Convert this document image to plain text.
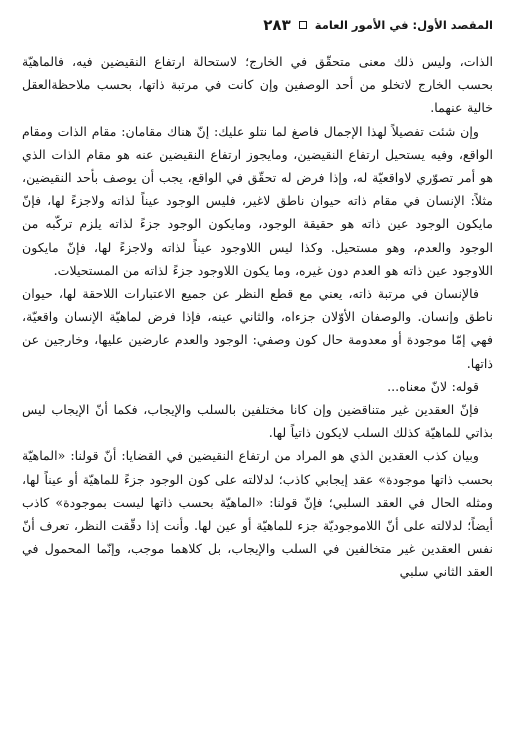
المقصد الأول: في الأمور العامة
٢٨٣

الذات، وليس ذلك معنى متحقّق في الخارج؛ لاستحالة ارتفاع النقيضين فيه، فالماهيّة بحسب الخارج لاتخلو من أحد الوصفين وإن كانت في مرتبة ذاتها، بحسب ملاحظةالعقل خالية عنهما.

وإن شئت تفصيلاً لهذا الإجمال فاصغ لما نتلو عليك: إنّ هناك مقامان: مقام الذات ومقام الواقع، وفيه يستحيل ارتفاع النقيضين، ومايجوز ارتفاع النقيضين عنه هو مقام الذات الذي هو أمر تصوّري لاواقعيّة له، وإذا فرض له تحقّق في الواقع، يجب أن يوصف بأحد النقيضين، مثلاً: الإنسان في مقام ذاته حيوان ناطق لاغير، فليس الوجود عيناً لذاته ولاجزءً لها، فإنّ مايكون الوجود عين ذاته هو حقيقة الوجود، ومايكون الوجود جزءً لذاته يلزم تركّبه من الوجود والعدم، وهو مستحيل. وكذا ليس اللاوجود عيناً لذاته ولاجزءً لها، فإنّ مايكون اللاوجود عين ذاته هو العدم دون غيره، وما يكون اللاوجود جزءً لذاته من المستحيلات.

فالإنسان في مرتبة ذاته، يعني مع قطع النظر عن جميع الاعتبارات اللاحقة لها، حيوان ناطق وإنسان. والوصفان الأوّلان جزءاه، والثاني عينه، فإذا فرض لماهيّة الإنسان واقعيّة، فهي إمّا موجودة أو معدومة حال كون وصفي: الوجود والعدم عارضين عليها، وخارجين عن ذاتها.

قوله: لانّ معناه...

فإنّ العقدين غير متناقضين وإن كانا مختلفين بالسلب والإيجاب، فكما أنّ الإيجاب ليس بذاتي للماهيّة كذلك السلب لايكون ذاتياً لها.

وبيان كذب العقدين الذي هو المراد من ارتفاع النقيضين في القضايا: أنّ قولنا: «الماهيّة بحسب ذاتها موجودة» عقد إيجابي كاذب؛ لدلالته على كون الوجود جزءً للماهيّة أو عيناً لها، ومثله الحال في العقد السلبي؛ فإنّ قولنا: «الماهيّة بحسب ذاتها ليست بموجودة» كاذب أيضاً؛ لدلالته على أنّ اللاموجوديّة جزء للماهيّة أو عين لها. وأنت إذا دقّقت النظر، تعرف أنّ نفس العقدين غير متخالفين في السلب والإيجاب، بل كلاهما موجب، وإنّما المحمول في العقد الثاني سلبي
